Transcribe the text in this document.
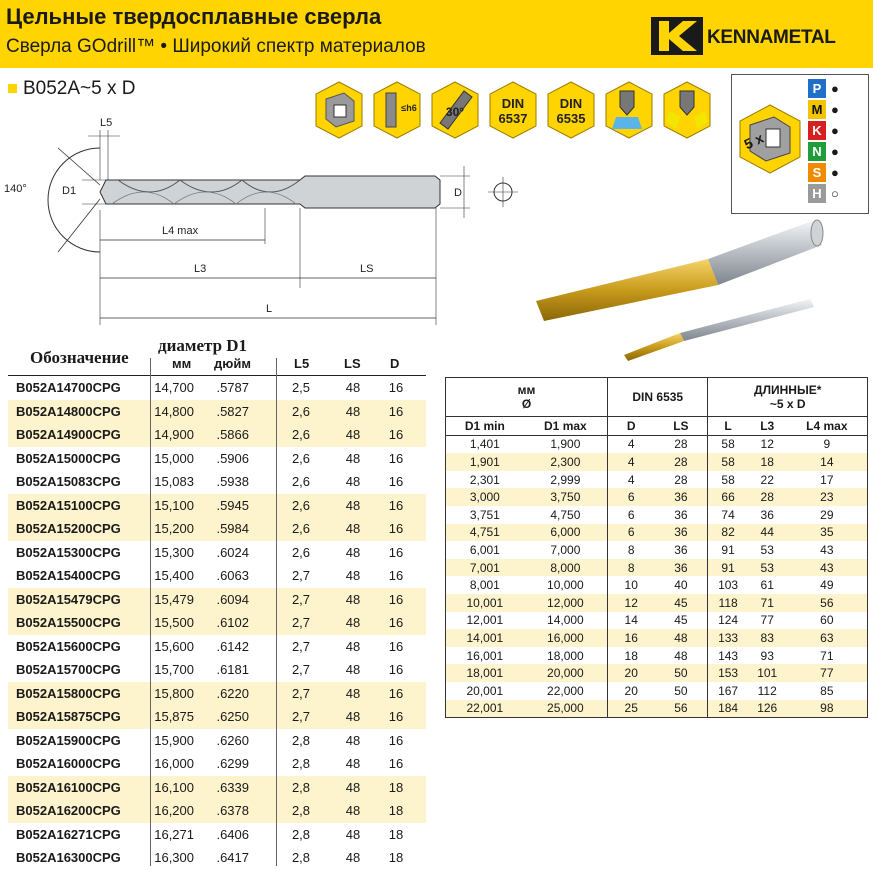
Цельные твердосплавные сверла
Сверла GOdrill™ • Широкий спектр материалов	KENNAMETAL
B052A~5 x D
≤h6	30°
DIN 6537
DIN 6535
5 x
P ●
M ●
K ●
N ●
S ●
H ○
140°	D1
L5
D
L4 max
L3	LS
L
Обозначение
диаметр D1
мм дюйм	L5	LS D
B052A14700CPG	14,700	.5787	2,5	48	16
B052A14800CPG	14,800	.5827	2,6	48	16
B052A14900CPG	14,900	.5866	2,6	48	16
B052A15000CPG	15,000	.5906	2,6	48	16
B052A15083CPG	15,083	.5938	2,6	48	16
B052A15100CPG	15,100	.5945	2,6	48	16
B052A15200CPG	15,200	.5984	2,6	48	16
B052A15300CPG	15,300	.6024	2,6	48	16
B052A15400CPG	15,400	.6063	2,7	48	16
B052A15479CPG	15,479	.6094	2,7	48	16
B052A15500CPG	15,500	.6102	2,7	48	16
B052A15600CPG	15,600	.6142	2,7	48	16
B052A15700CPG	15,700	.6181	2,7	48	16
B052A15800CPG	15,800	.6220	2,7	48	16
B052A15875CPG	15,875	.6250	2,7	48	16
B052A15900CPG	15,900	.6260	2,8	48	16
B052A16000CPG	16,000	.6299	2,8	48	16
B052A16100CPG	16,100	.6339	2,8	48	18
B052A16200CPG	16,200	.6378	2,8	48	18
B052A16271CPG	16,271	.6406	2,8	48	18
B052A16300CPG	16,300	.6417	2,8	48	18
мм
Ø		DIN 6535		ДЛИННЫЕ*
~5 x D		
D1 min	D1 max	D	LS	L	L3	L4 max
1,401	1,900	4	28	58	12	9
1,901	2,300	4	28	58	18	14
2,301	2,999	4	28	58	22	17
3,000	3,750	6	36	66	28	23
3,751	4,750	6	36	74	36	29
4,751	6,000	6	36	82	44	35
6,001	7,000	8	36	91	53	43
7,001	8,000	8	36	91	53	43
8,001	10,000	10	40	103	61	49
10,001	12,000	12	45	118	71	56
12,001	14,000	14	45	124	77	60
14,001	16,000	16	48	133	83	63
16,001	18,000	18	48	143	93	71
18,001	20,000	20	50	153	101	77
20,001	22,000	20	50	167	112	85
22,001	25,000	25	56	184	126	98
